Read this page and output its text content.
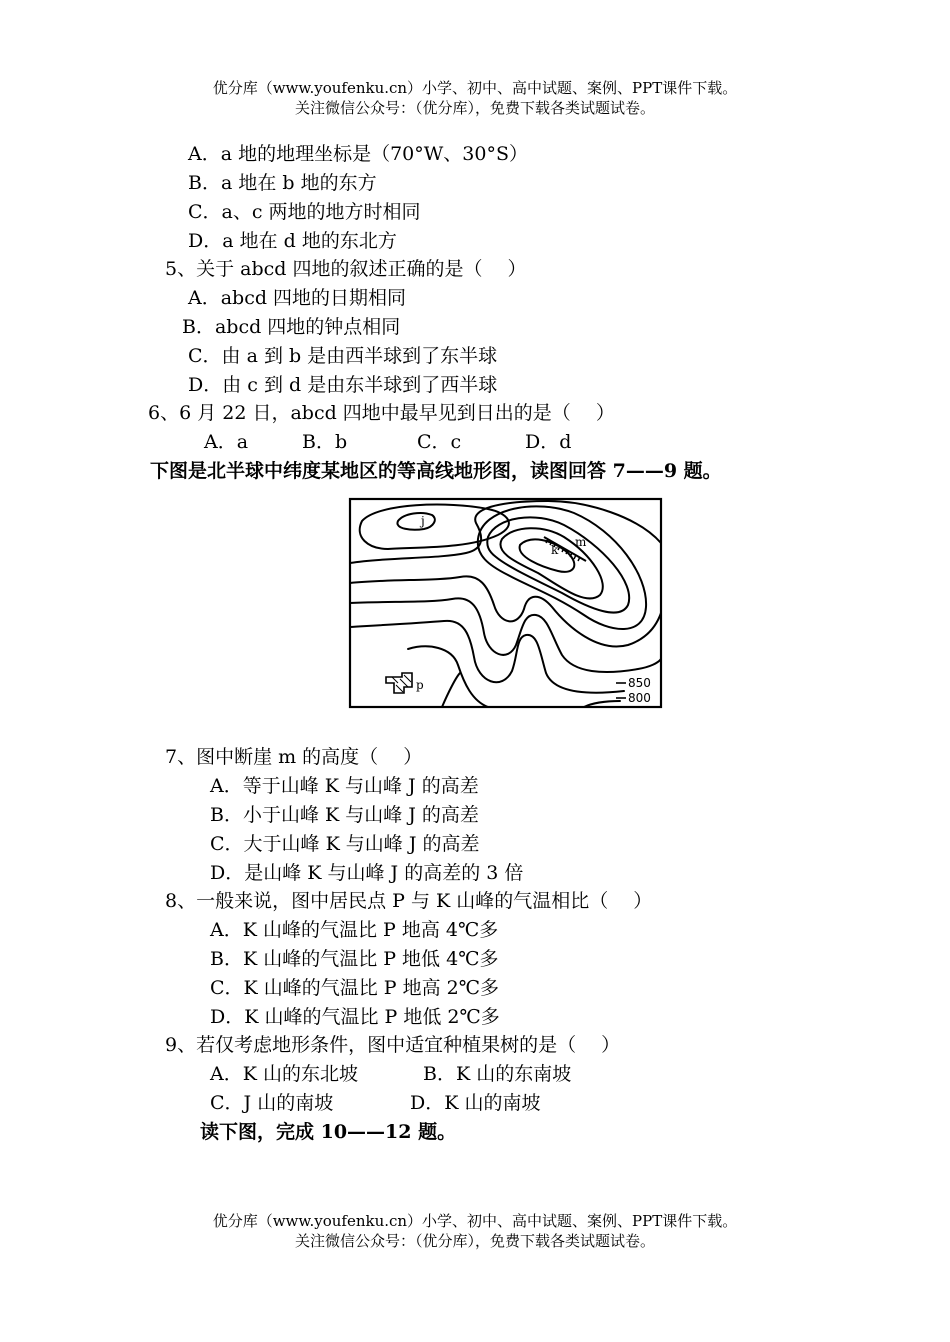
优分库（www.youfenku.cn）小学、初中、高中试题、案例、PPT课件下载。
关注微信公众号：（优分库），免费下载各类试题试卷。
A．a 地的地理坐标是（70°W、30°S）
B．a 地在 b 地的东方
C．a、c 两地的地方时相同
D．a 地在 d 地的东北方
5、关于 abcd 四地的叙述正确的是（　 ）
A．abcd 四地的日期相同
B．abcd 四地的钟点相同
C．由 a 到 b 是由西半球到了东半球
D．由 c 到 d 是由东半球到了西半球
6、6 月 22 日，abcd 四地中最早见到日出的是（　 ）
A．a	B．b	C．c	D．d
下图是北半球中纬度某地区的等高线地形图，读图回答 7——9 题。
j
k
m
p	850
800
7、图中断崖 m 的高度（　 ）
A．等于山峰 K 与山峰 J 的高差
B．小于山峰 K 与山峰 J 的高差
C．大于山峰 K 与山峰 J 的高差
D．是山峰 K 与山峰 J 的高差的 3 倍
8、一般来说，图中居民点 P 与 K 山峰的气温相比（　 ）
A．K 山峰的气温比 P 地高 4℃多
B．K 山峰的气温比 P 地低 4℃多
C．K 山峰的气温比 P 地高 2℃多
D．K 山峰的气温比 P 地低 2℃多
9、若仅考虑地形条件，图中适宜种植果树的是（　 ）
A．K 山的东北坡	B．K 山的东南坡
C．J 山的南坡	D．K 山的南坡
读下图，完成 10——12 题。
优分库（www.youfenku.cn）小学、初中、高中试题、案例、PPT课件下载。
关注微信公众号：（优分库），免费下载各类试题试卷。
